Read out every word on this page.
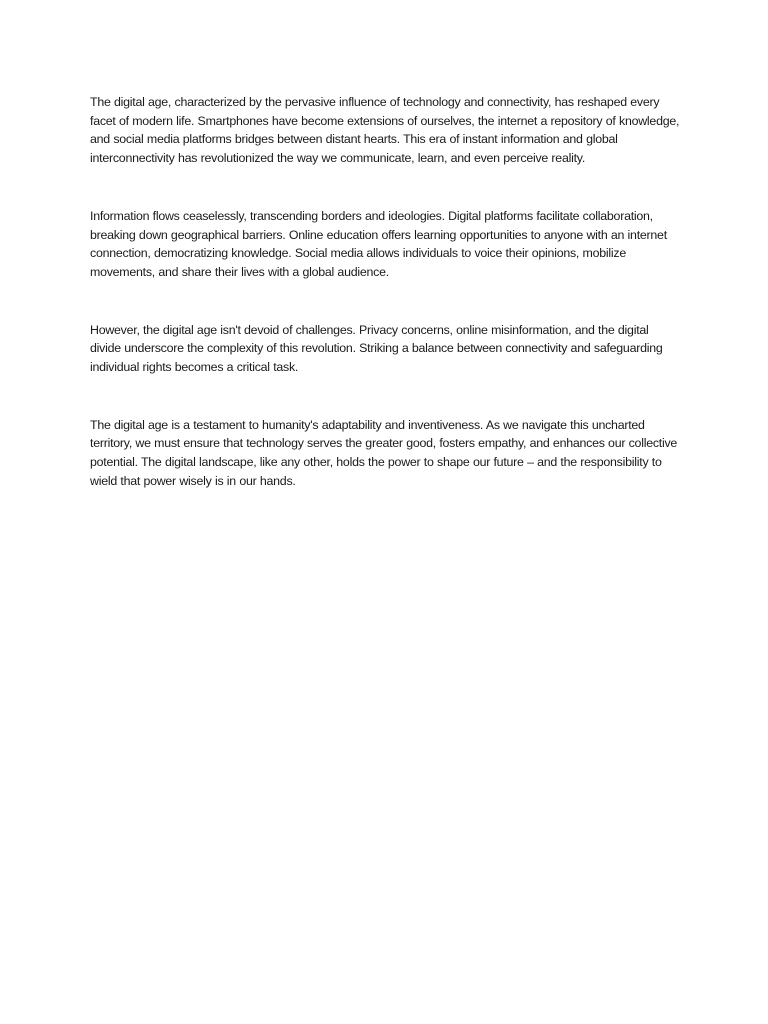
The digital age, characterized by the pervasive influence of technology and connectivity, has reshaped every facet of modern life. Smartphones have become extensions of ourselves, the internet a repository of knowledge, and social media platforms bridges between distant hearts. This era of instant information and global interconnectivity has revolutionized the way we communicate, learn, and even perceive reality.

Information flows ceaselessly, transcending borders and ideologies. Digital platforms facilitate collaboration, breaking down geographical barriers. Online education offers learning opportunities to anyone with an internet connection, democratizing knowledge. Social media allows individuals to voice their opinions, mobilize movements, and share their lives with a global audience.

However, the digital age isn't devoid of challenges. Privacy concerns, online misinformation, and the digital divide underscore the complexity of this revolution. Striking a balance between connectivity and safeguarding individual rights becomes a critical task.

The digital age is a testament to humanity's adaptability and inventiveness. As we navigate this uncharted territory, we must ensure that technology serves the greater good, fosters empathy, and enhances our collective potential. The digital landscape, like any other, holds the power to shape our future – and the responsibility to wield that power wisely is in our hands.
